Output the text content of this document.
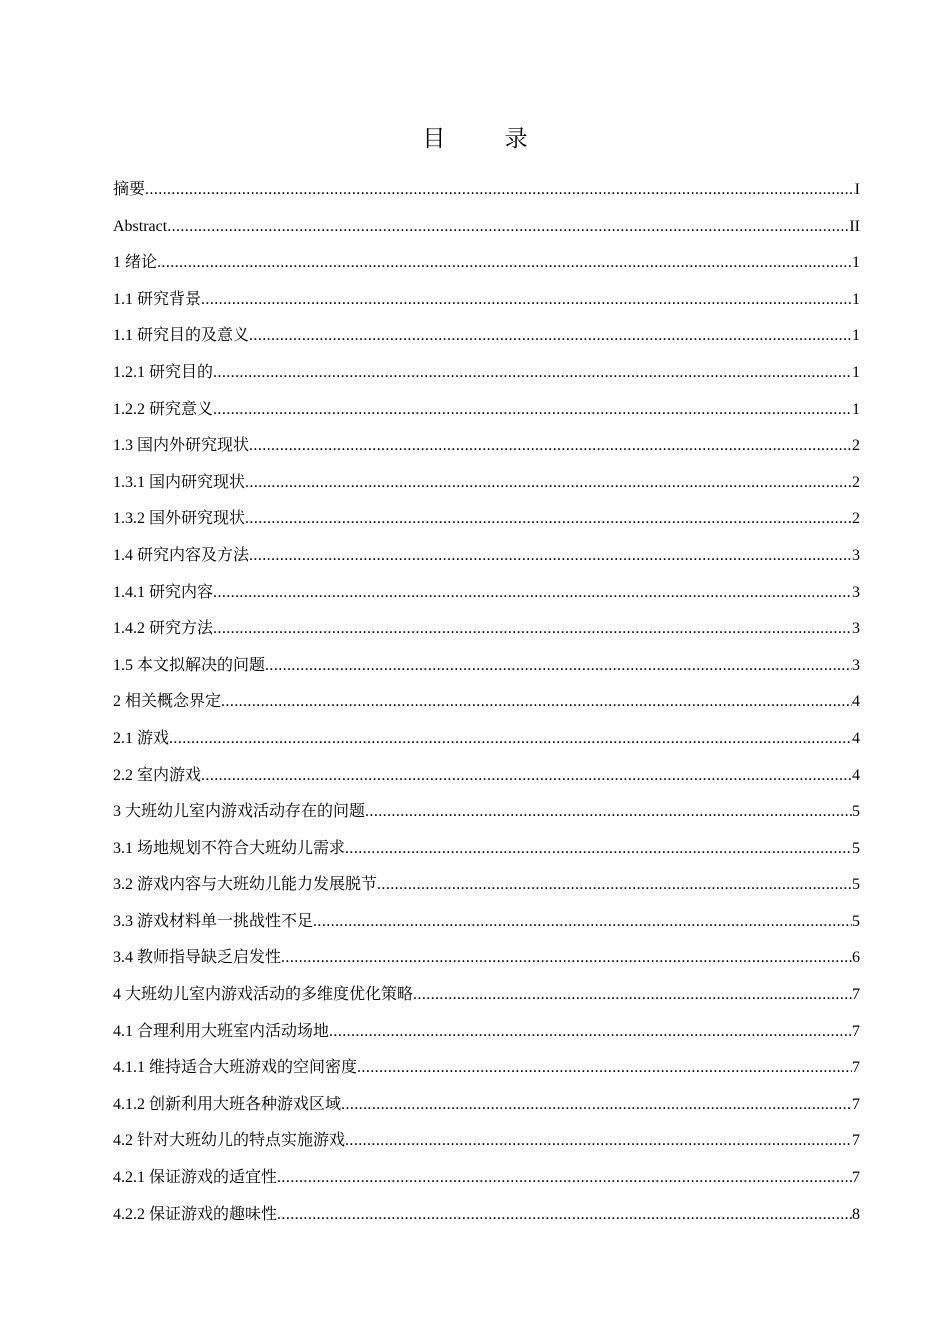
目 录
摘要 .....	I
Abstract .....	II
1 绪论 .....	1
1.1 研究背景 .....	1
1.1 研究目的及意义 .....	1
1.2.1 研究目的 .....	1
1.2.2 研究意义 .....	1
1.3 国内外研究现状 .....	2
1.3.1 国内研究现状 .....	2
1.3.2 国外研究现状 .....	2
1.4 研究内容及方法 .....	3
1.4.1 研究内容 .....	3
1.4.2 研究方法 .....	3
1.5 本文拟解决的问题 .....	3
2 相关概念界定 .....	4
2.1 游戏 .....	4
2.2 室内游戏 .....	4
3 大班幼儿室内游戏活动存在的问题 .....	5
3.1 场地规划不符合大班幼儿需求 .....	5
3.2 游戏内容与大班幼儿能力发展脱节 .....	5
3.3 游戏材料单一挑战性不足 .....	5
3.4 教师指导缺乏启发性 .....	6
4 大班幼儿室内游戏活动的多维度优化策略 .....	7
4.1 合理利用大班室内活动场地 .....	7
4.1.1 维持适合大班游戏的空间密度 .....	7
4.1.2 创新利用大班各种游戏区域 .....	7
4.2 针对大班幼儿的特点实施游戏 .....	7
4.2.1 保证游戏的适宜性 .....	7
4.2.2 保证游戏的趣味性 .....	8
